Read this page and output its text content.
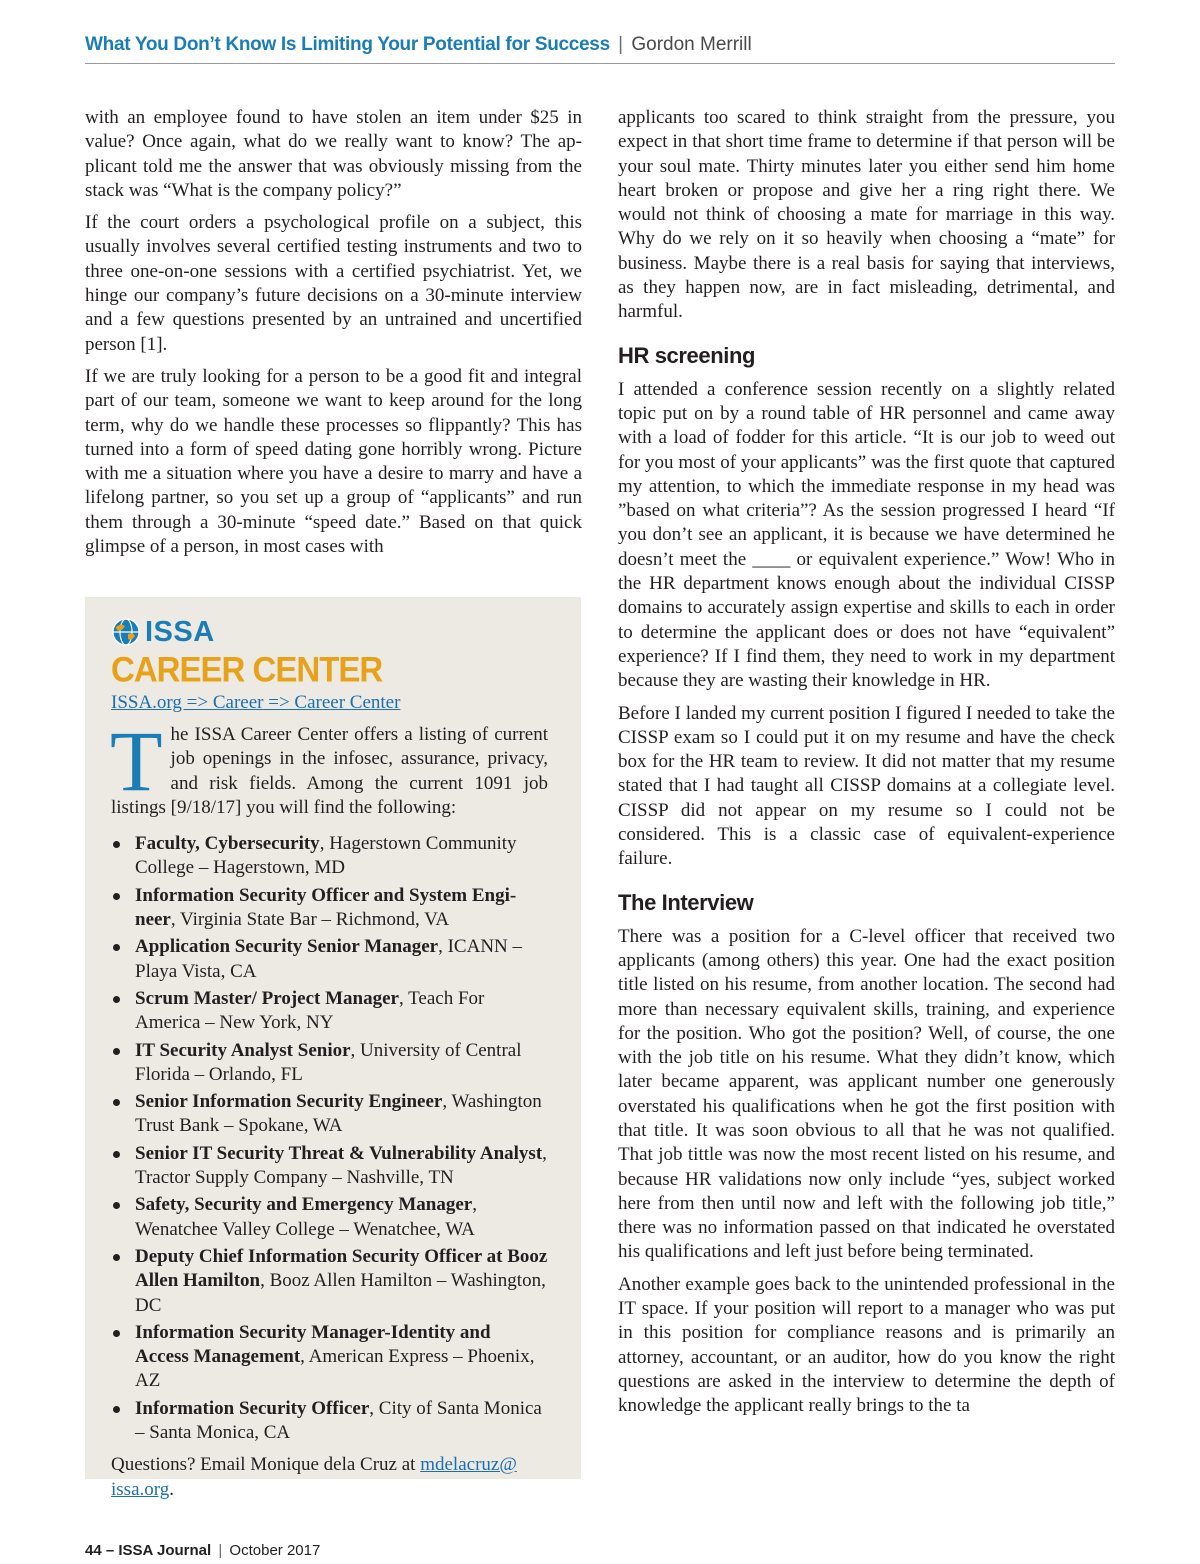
What You Don’t Know Is Limiting Your Potential for Success | Gordon Merrill

with an employee found to have stolen an item under $25 in value? Once again, what do we really want to know? The applicant told me the answer that was obviously missing from the stack was “What is the company policy?”

If the court orders a psychological profile on a subject, this usually involves several certified testing instruments and two to three one-on-one sessions with a certified psychiatrist. Yet, we hinge our company’s future decisions on a 30-minute interview and a few questions presented by an untrained and uncertified person [1].

If we are truly looking for a person to be a good fit and integral part of our team, someone we want to keep around for the long term, why do we handle these processes so flippantly? This has turned into a form of speed dating gone horribly wrong. Picture with me a situation where you have a desire to marry and have a lifelong partner, so you set up a group of “applicants” and run them through a 30-minute “speed date.” Based on that quick glimpse of a person, in most cases with

ISSA
CAREER CENTER
ISSA.org => Career => Career Center

The ISSA Career Center offers a listing of current job openings in the infosec, assurance, privacy, and risk fields. Among the current 1091 job listings [9/18/17] you will find the following:

Faculty, Cybersecurity, Hagerstown Community College – Hagerstown, MD
Information Security Officer and System Engineer, Virginia State Bar – Richmond, VA
Application Security Senior Manager, ICANN – Playa Vista, CA
Scrum Master/ Project Manager, Teach For America – New York, NY
IT Security Analyst Senior, University of Central Florida – Orlando, FL
Senior Information Security Engineer, Washington Trust Bank – Spokane, WA
Senior IT Security Threat & Vulnerability Analyst, Tractor Supply Company – Nashville, TN
Safety, Security and Emergency Manager, Wenatchee Valley College – Wenatchee, WA
Deputy Chief Information Security Officer at Booz Allen Hamilton, Booz Allen Hamilton – Washington, DC
Information Security Manager-Identity and Access Management, American Express – Phoenix, AZ
Information Security Officer, City of Santa Monica – Santa Monica, CA

Questions? Email Monique dela Cruz at mdelacruz@​issa.org.

applicants too scared to think straight from the pressure, you expect in that short time frame to determine if that person will be your soul mate. Thirty minutes later you either send him home heart broken or propose and give her a ring right there. We would not think of choosing a mate for marriage in this way. Why do we rely on it so heavily when choosing a “mate” for business. Maybe there is a real basis for saying that interviews, as they happen now, are in fact misleading, detrimental, and harmful.

HR screening

I attended a conference session recently on a slightly related topic put on by a round table of HR personnel and came away with a load of fodder for this article. “It is our job to weed out for you most of your applicants” was the first quote that captured my attention, to which the immediate response in my head was ”based on what criteria”? As the session progressed I heard “If you don’t see an applicant, it is because we have determined he doesn’t meet the ____ or equivalent experience.” Wow! Who in the HR department knows enough about the individual CISSP domains to accurately assign expertise and skills to each in order to determine the applicant does or does not have “equivalent” experience? If I find them, they need to work in my department because they are wasting their knowledge in HR.

Before I landed my current position I figured I needed to take the CISSP exam so I could put it on my resume and have the check box for the HR team to review. It did not matter that my resume stated that I had taught all CISSP domains at a collegiate level. CISSP did not appear on my resume so I could not be considered. This is a classic case of equivalent-experience failure.

The Interview

There was a position for a C-level officer that received two applicants (among others) this year. One had the exact position title listed on his resume, from another location. The second had more than necessary equivalent skills, training, and experience for the position. Who got the position? Well, of course, the one with the job title on his resume. What they didn’t know, which later became apparent, was applicant number one generously overstated his qualifications when he got the first position with that title. It was soon obvious to all that he was not qualified. That job tittle was now the most recent listed on his resume, and because HR validations now only include “yes, subject worked here from then until now and left with the following job title,” there was no information passed on that indicated he overstated his qualifications and left just before being terminated.

Another example goes back to the unintended professional in the IT space. If your position will report to a manager who was put in this position for compliance reasons and is primarily an attorney, accountant, or an auditor, how do you know the right questions are asked in the interview to determine the depth of knowledge the applicant really brings to the ta

44 – ISSA Journal | October 2017
